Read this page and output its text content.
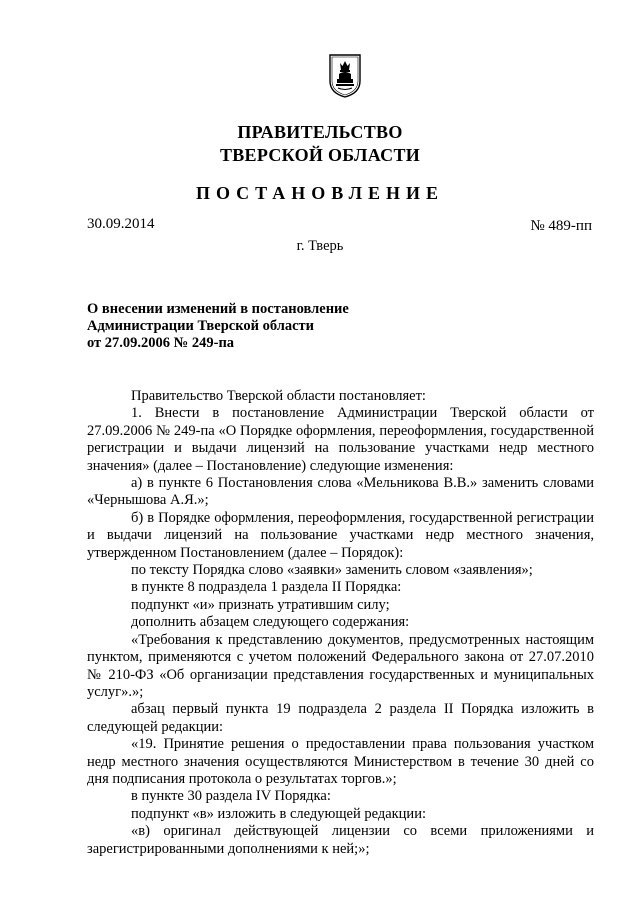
ПРАВИТЕЛЬСТВО
ТВЕРСКОЙ ОБЛАСТИ
ПОСТАНОВЛЕНИЕ
30.09.2014	№ 489-пп
г. Тверь
О внесении изменений в постановление
Администрации Тверской области
от 27.09.2006 № 249-па

Правительство Тверской области постановляет:

1. Внести в постановление Администрации Тверской области от 27.09.2006 № 249-па «О Порядке оформления, переоформления, государственной регистрации и выдачи лицензий на пользование участками недр местного значения» (далее – Постановление) следующие изменения:

а) в пункте 6 Постановления слова «Мельникова В.В.» заменить словами «Чернышова А.Я.»;

б) в Порядке оформления, переоформления, государственной регистрации и выдачи лицензий на пользование участками недр местного значения, утвержденном Постановлением (далее – Порядок):

по тексту Порядка слово «заявки» заменить словом «заявления»;

в пункте 8 подраздела 1 раздела II Порядка:

подпункт «и» признать утратившим силу;

дополнить абзацем следующего содержания:

«Требования к представлению документов, предусмотренных настоящим пунктом, применяются с учетом положений Федерального закона от 27.07.2010 № 210-ФЗ «Об организации представления государственных и муниципальных услуг».»;

абзац первый пункта 19 подраздела 2 раздела II Порядка изложить в следующей редакции:

«19. Принятие решения о предоставлении права пользования участком недр местного значения осуществляются Министерством в течение 30 дней со дня подписания протокола о результатах торгов.»;

в пункте 30 раздела IV Порядка:

подпункт «в» изложить в следующей редакции:

«в) оригинал действующей лицензии со всеми приложениями и зарегистрированными дополнениями к ней;»;
